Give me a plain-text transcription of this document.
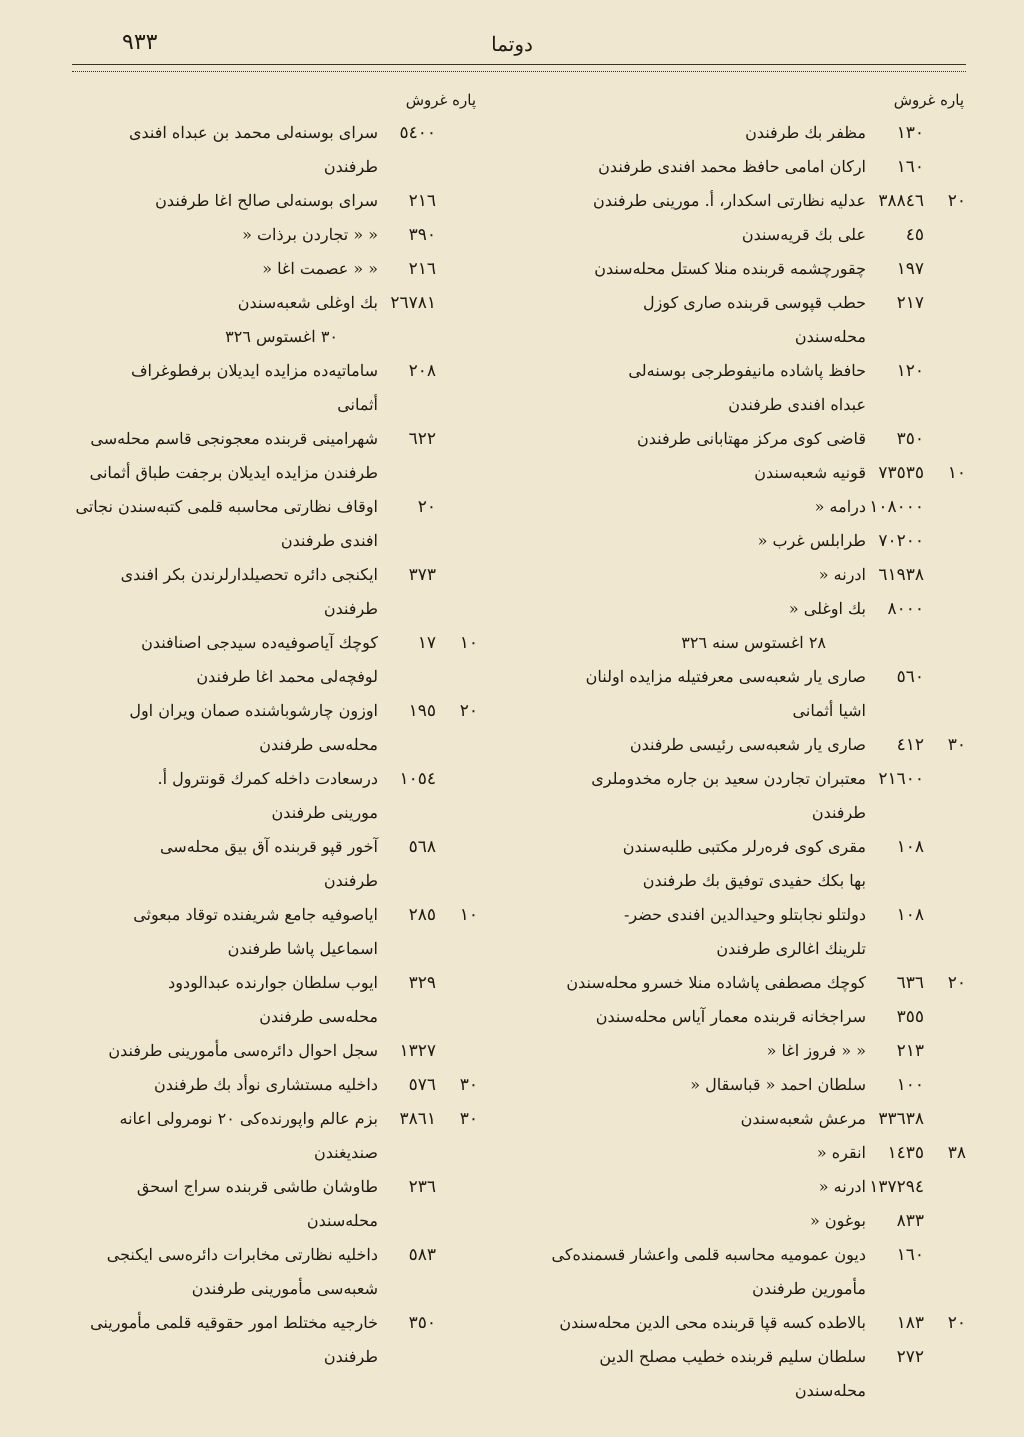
٩٣٣	دوتما
پاره غروش
١٣٠
مظفر بك طرفندن
١٦٠
اركان امامى حافظ محمد افندى طرفندن
٢٠
٣٨٨٤٦
عدليه نظارتى اسكدار، أ. مورينى طرفندن
٤٥
على بك قريه‌سندن
١٩٧
چقورچشمه قربنده منلا كستل محله‌سندن
٢١٧
حطب قپوسى قربنده صارى كوزل
محله‌سندن
١٢٠
حافظ پاشاده مانيفوطرجى بوسنه‌لى
عبداه افندى طرفندن
٣٥٠
قاضى كوى مركز مهتابانى طرفندن
١٠
٧٣٥٣٥
قونيه شعبه‌سندن
١٠٨٠٠٠
درامه «
٧٠٢٠٠
طرابلس غرب «
٦١٩٣٨
ادرنه «
٨٠٠٠
بك اوغلى «
٢٨ اغستوس سنه ٣٢٦
٥٦٠
صارى يار شعبه‌سى معرفتيله مزايده اولنان
اشيا أثمانى
٣٠
٤١٢
صارى يار شعبه‌سى رئيسى طرفندن
٢١٦٠٠
معتبران تجاردن سعيد بن جاره مخدوملرى
طرفندن
١٠٨
مقرى كوى فره‌رلر مكتبى طلبه‌سندن
بها بكك حفيدى توفيق بك طرفندن
١٠٨
دولتلو نجابتلو وحيدالدين افندى حضر-
تلرينك اغالرى طرفندن
٢٠
٦٣٦
كوچك مصطفى پاشاده منلا خسرو محله‌سندن
٣٥٥
سراجخانه قربنده معمار آياس محله‌سندن
٢١٣
« « فروز اغا «
١٠٠
سلطان احمد « قباسقال «
٣٣٦٣٨
مرعش شعبه‌سندن
٣٨
١٤٣٥
انقره «
١٣٧٢٩٤
ادرنه «
٨٣٣
بوغون «
١٦٠
ديون عموميه محاسبه قلمى واعشار قسمنده‌كى
مأمورين طرفندن
٢٠
١٨٣
بالاطده كسه قپا قربنده محى الدين محله‌سندن
٢٧٢
سلطان سليم قربنده خطيب مصلح الدين
محله‌سندن
پاره غروش
٥٤٠٠
سراى بوسنه‌لى محمد بن عبداه افندى
طرفندن
٢١٦
سراى بوسنه‌لى صالح اغا طرفندن
٣٩٠
« « تجاردن برذات «
٢١٦
« « عصمت اغا «
٢٦٧٨١
بك اوغلى شعبه‌سندن
٣٠ اغستوس ٣٢٦
٢٠٨
ساماتيه‌ده مزايده ايديلان برفطوغراف
أثمانى
٦٢٢
شهرامينى قربنده معجونجى قاسم محله‌سى
طرفندن مزايده ايديلان برجفت طباق أثمانى
٢٠
اوقاف نظارتى محاسبه قلمى كتبه‌سندن نجاتى
افندى طرفندن
٣٧٣
ايكنجى دائره تحصيلدارلرندن بكر افندى
طرفندن
١٠
١٧
كوچك آياصوفيه‌ده سيدجى اصنافندن
لوفچه‌لى محمد اغا طرفندن
٢٠
١٩٥
اوزون چارشوباشنده صمان ويران اول
محله‌سى طرفندن
١٠٥٤
درسعادت داخله كمرك قونترول أ.
مورينى طرفندن
٥٦٨
آخور قپو قربنده آق بيق محله‌سى
طرفندن
١٠
٢٨٥
اياصوفيه جامع شريفنده توقاد مبعوثى
اسماعيل پاشا طرفندن
٣٢٩
ايوب سلطان جوارنده عبدالودود
محله‌سى طرفندن
١٣٢٧
سجل احوال دائره‌سى مأمورينى طرفندن
٣٠
٥٧٦
داخليه مستشارى نوأد بك طرفندن
٣٠
٣٨٦١
بزم عالم واپورنده‌كى ٢٠ نومرولى اعانه
صنديغندن
٢٣٦
طاوشان طاشى قربنده سراج اسحق
محله‌سندن
٥٨٣
داخليه نظارتى مخابرات دائره‌سى ايكنجى
شعبه‌سى مأمورينى طرفندن
٣٥٠
خارجيه مختلط امور حقوقيه قلمى مأمورينى
طرفندن
